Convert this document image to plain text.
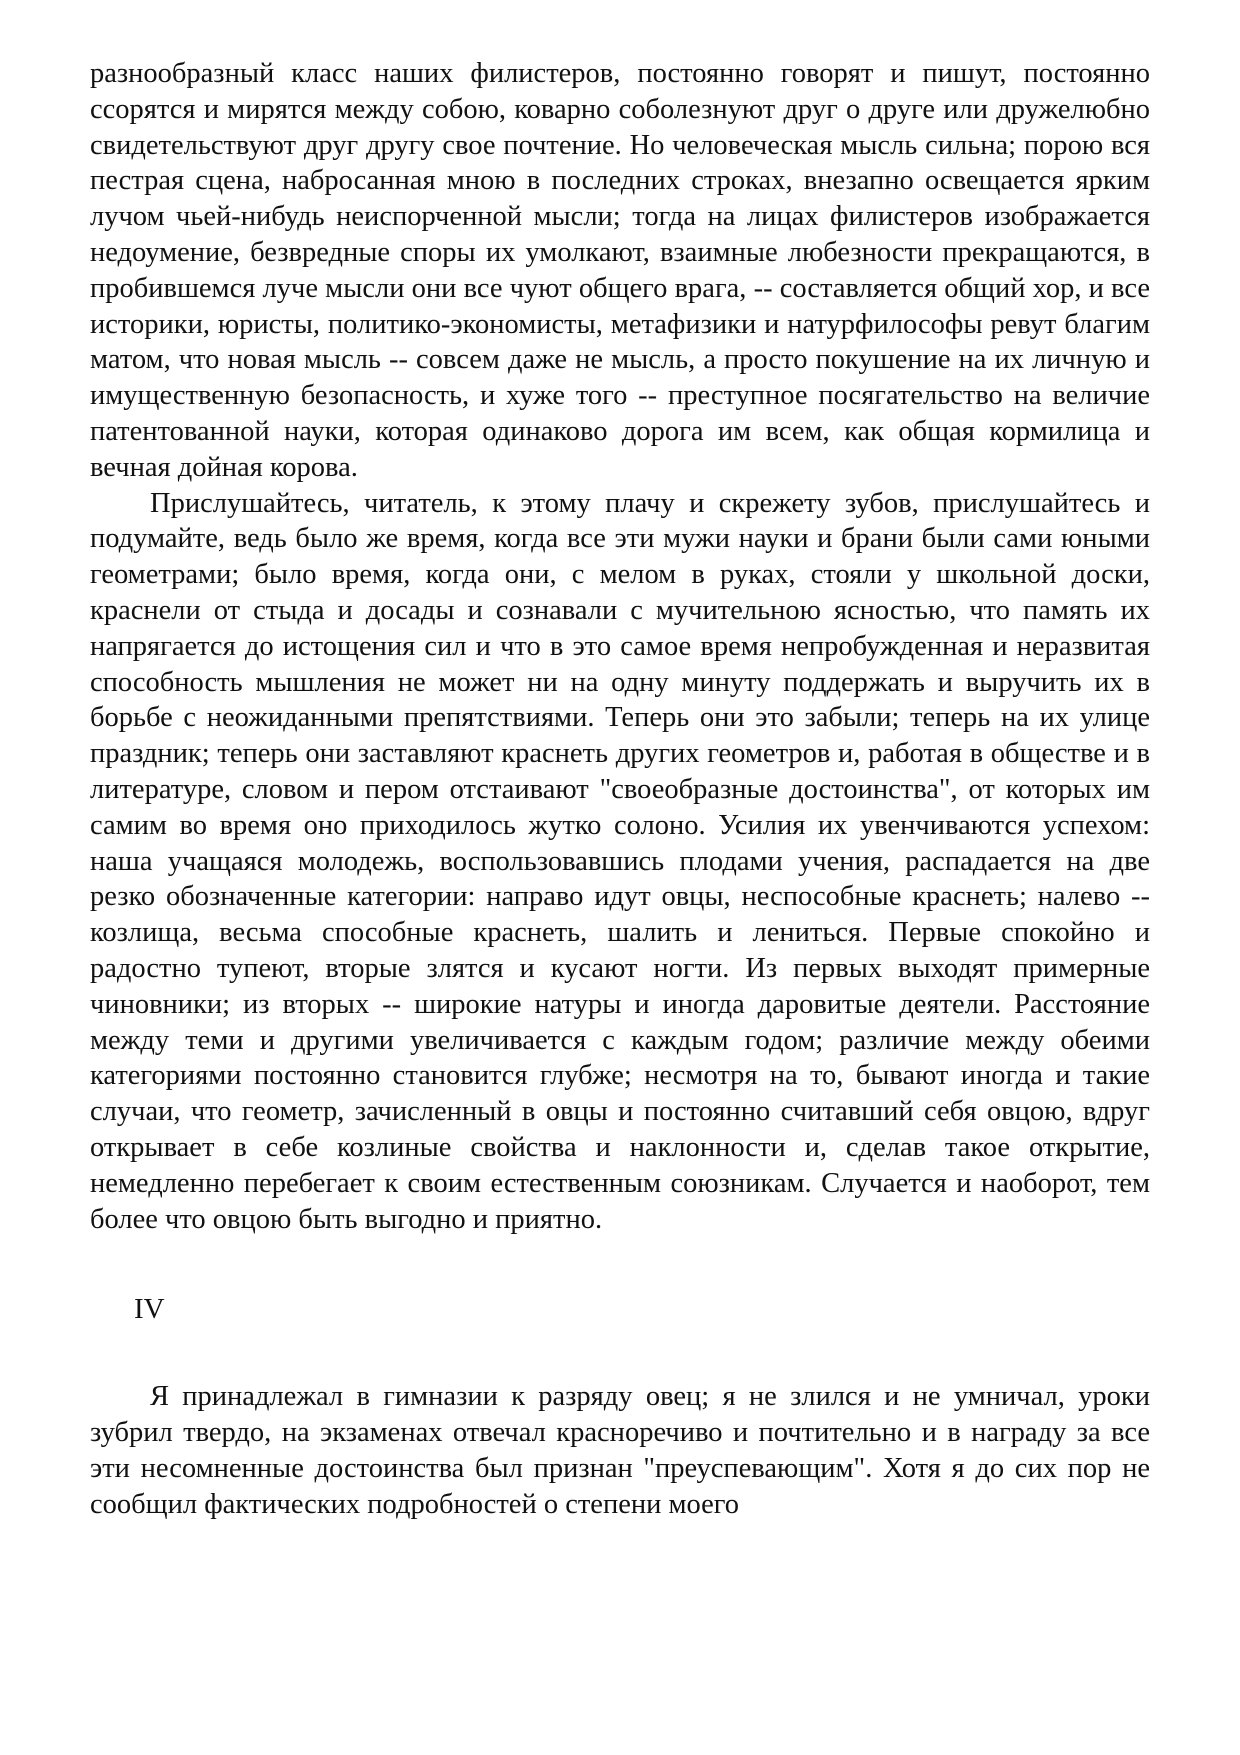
разнообразный класс наших филистеров, постоянно говорят и пишут, постоянно ссорятся и мирятся между собою, коварно соболезнуют друг о друге или дружелюбно свидетельствуют друг другу свое почтение. Но человеческая мысль сильна; порою вся пестрая сцена, набросанная мною в последних строках, внезапно освещается ярким лучом чьей-нибудь неиспорченной мысли; тогда на лицах филистеров изображается недоумение, безвредные споры их умолкают, взаимные любезности прекращаются, в пробившемся луче мысли они все чуют общего врага, -- составляется общий хор, и все историки, юристы, политико-экономисты, метафизики и натурфилософы ревут благим матом, что новая мысль -- совсем даже не мысль, а просто покушение на их личную и имущественную безопасность, и хуже того -- преступное посягательство на величие патентованной науки, которая одинаково дорога им всем, как общая кормилица и вечная дойная корова.

Прислушайтесь, читатель, к этому плачу и скрежету зубов, прислушайтесь и подумайте, ведь было же время, когда все эти мужи науки и брани были сами юными геометрами; было время, когда они, с мелом в руках, стояли у школьной доски, краснели от стыда и досады и сознавали с мучительною ясностью, что память их напрягается до истощения сил и что в это самое время непробужденная и неразвитая способность мышления не может ни на одну минуту поддержать и выручить их в борьбе с неожиданными препятствиями. Теперь они это забыли; теперь на их улице праздник; теперь они заставляют краснеть других геометров и, работая в обществе и в литературе, словом и пером отстаивают "своеобразные достоинства", от которых им самим во время оно приходилось жутко солоно. Усилия их увенчиваются успехом: наша учащаяся молодежь, воспользовавшись плодами учения, распадается на две резко обозначенные категории: направо идут овцы, неспособные краснеть; налево -- козлища, весьма способные краснеть, шалить и лениться. Первые спокойно и радостно тупеют, вторые злятся и кусают ногти. Из первых выходят примерные чиновники; из вторых -- широкие натуры и иногда даровитые деятели. Расстояние между теми и другими увеличивается с каждым годом; различие между обеими категориями постоянно становится глубже; несмотря на то, бывают иногда и такие случаи, что геометр, зачисленный в овцы и постоянно считавший себя овцою, вдруг открывает в себе козлиные свойства и наклонности и, сделав такое открытие, немедленно перебегает к своим естественным союзникам. Случается и наоборот, тем более что овцою быть выгодно и приятно.

IV

Я принадлежал в гимназии к разряду овец; я не злился и не умничал, уроки зубрил твердо, на экзаменах отвечал красноречиво и почтительно и в награду за все эти несомненные достоинства был признан "преуспевающим". Хотя я до сих пор не сообщил фактических подробностей о степени моего
